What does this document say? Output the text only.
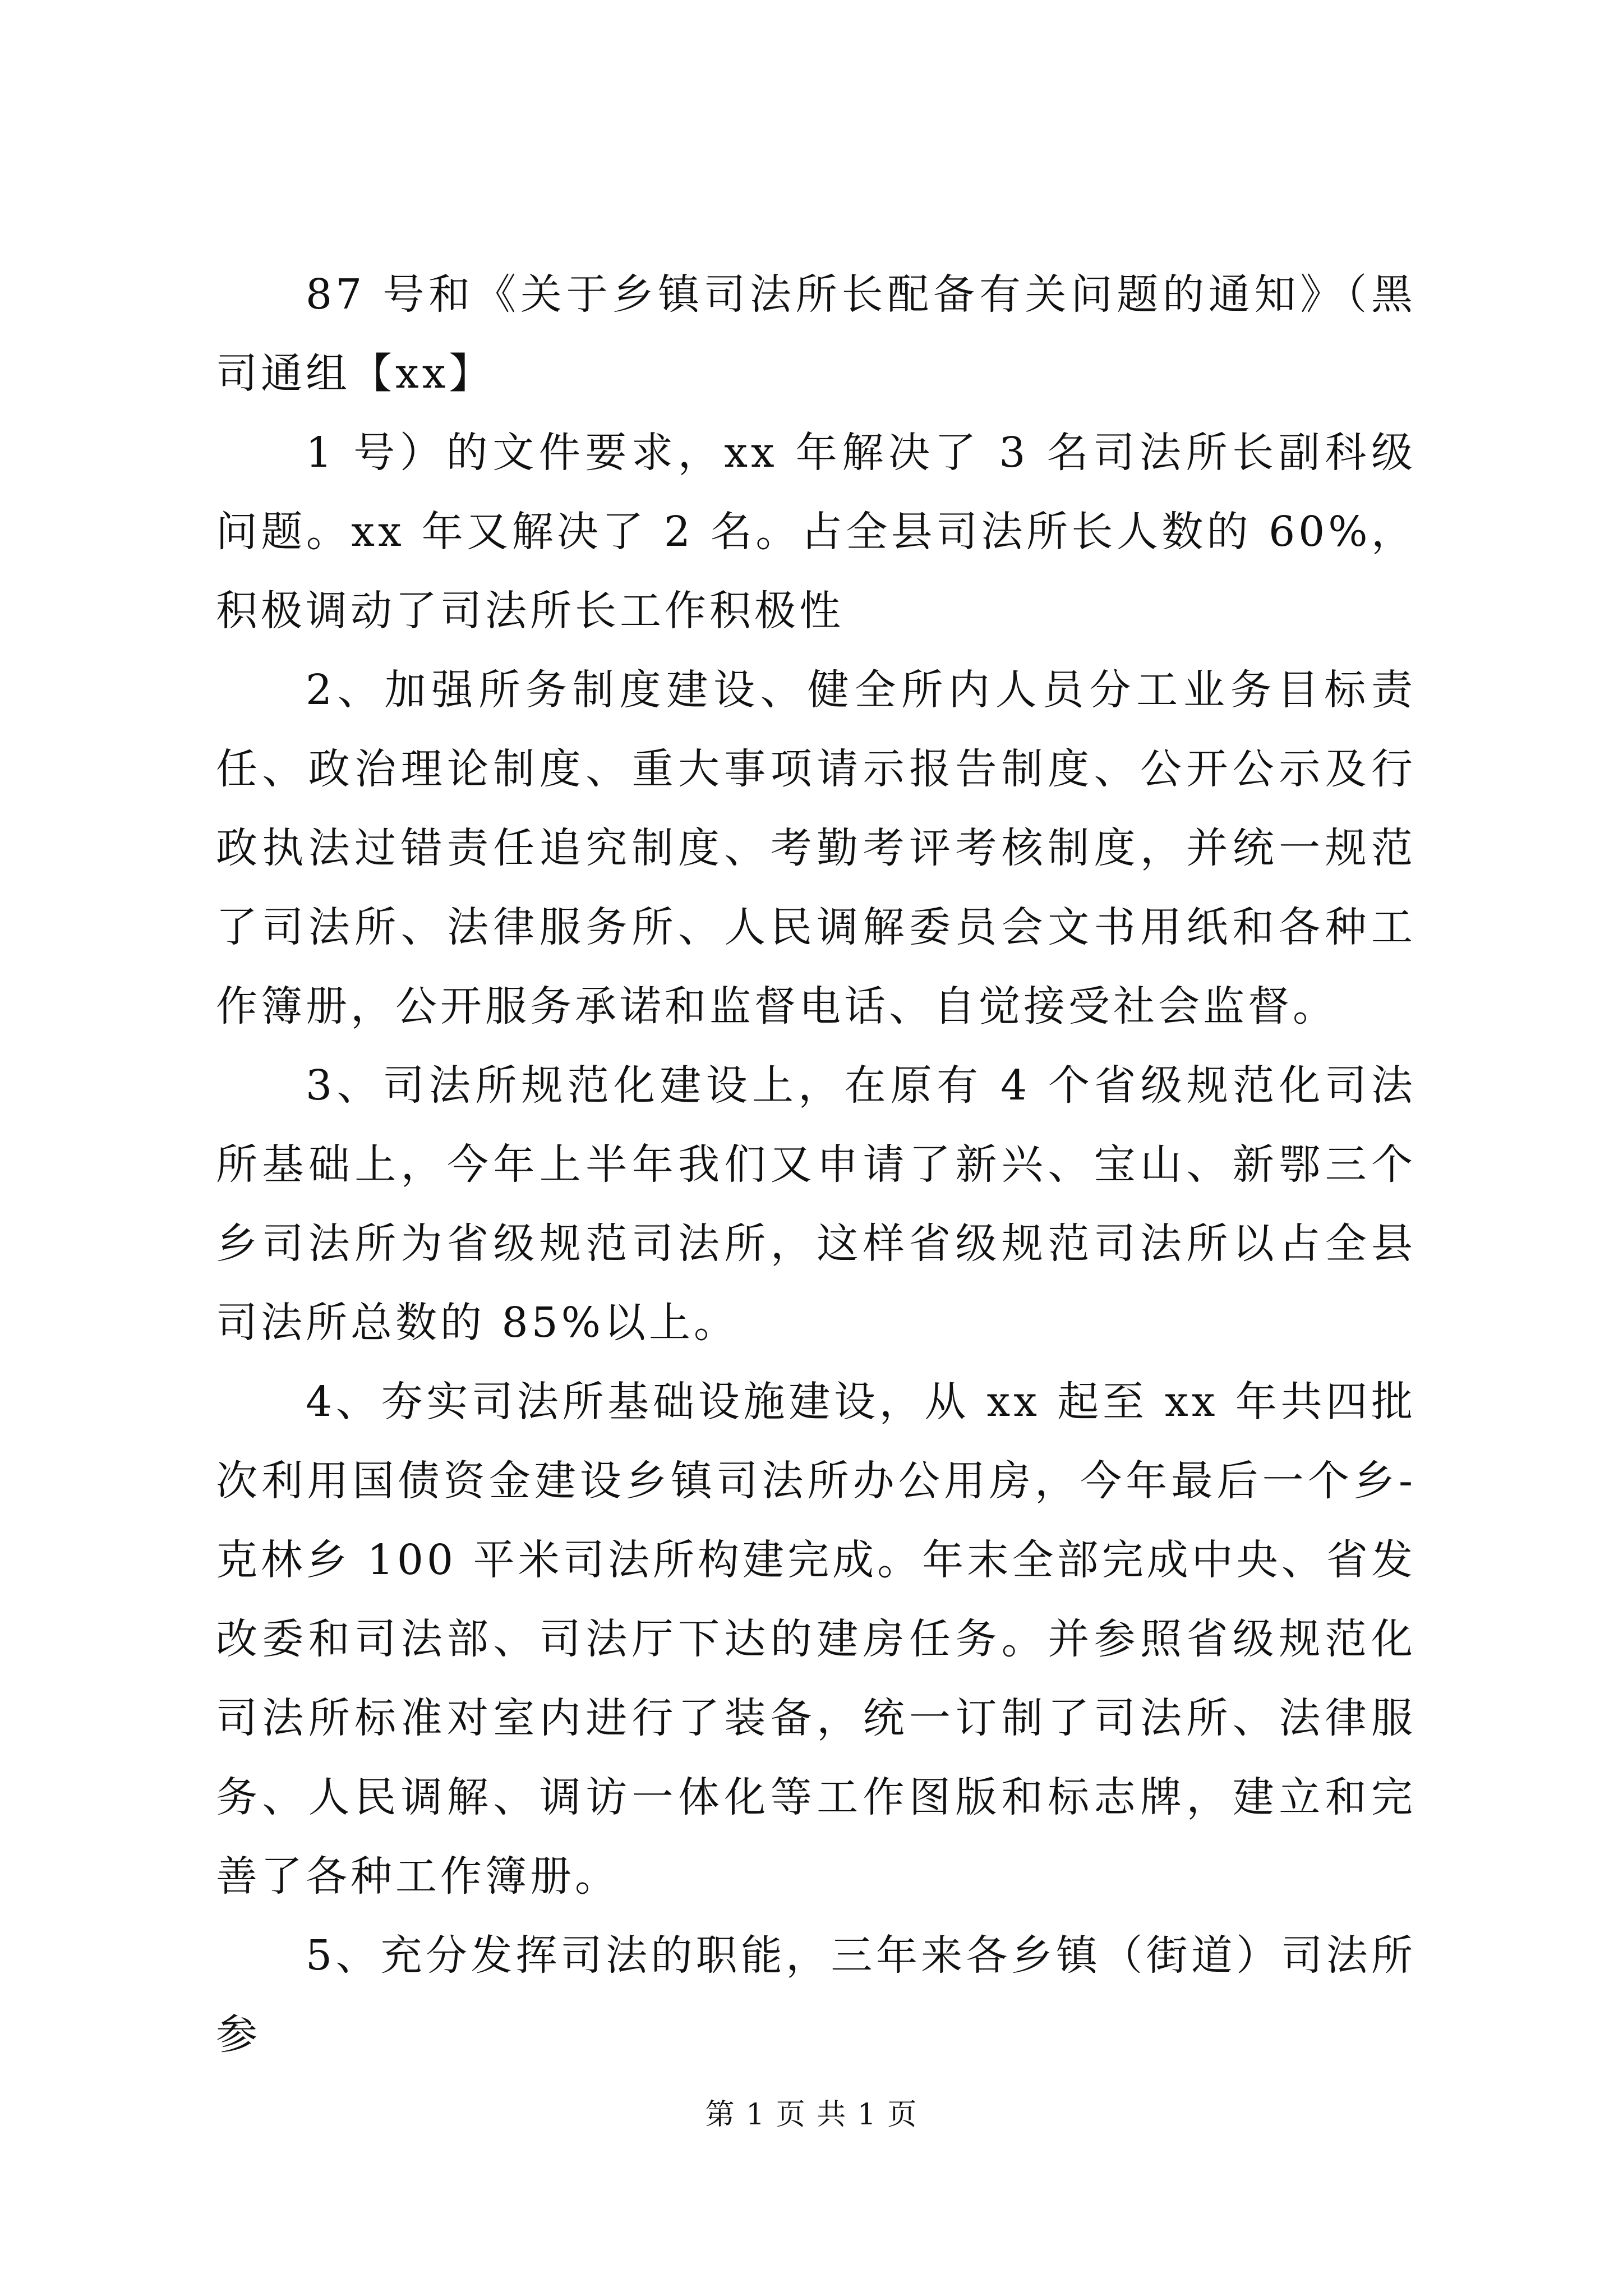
87 号和《关于乡镇司法所长配备有关问题的通知》（黑司通组【xx】

1 号）的文件要求，xx 年解决了 3 名司法所长副科级问题。xx 年又解决了 2 名。占全县司法所长人数的 60%，积极调动了司法所长工作积极性

2、加强所务制度建设、健全所内人员分工业务目标责任、政治理论制度、重大事项请示报告制度、公开公示及行政执法过错责任追究制度、考勤考评考核制度，并统一规范了司法所、法律服务所、人民调解委员会文书用纸和各种工作簿册，公开服务承诺和监督电话、自觉接受社会监督。

3、司法所规范化建设上，在原有 4 个省级规范化司法所基础上，今年上半年我们又申请了新兴、宝山、新鄂三个乡司法所为省级规范司法所，这样省级规范司法所以占全县司法所总数的 85%以上。

4、夯实司法所基础设施建设，从 xx 起至 xx 年共四批次利用国债资金建设乡镇司法所办公用房，今年最后一个乡-克林乡 100 平米司法所构建完成。年末全部完成中央、省发改委和司法部、司法厅下达的建房任务。并参照省级规范化司法所标准对室内进行了装备，统一订制了司法所、法律服务、人民调解、调访一体化等工作图版和标志牌，建立和完善了各种工作簿册。

5、充分发挥司法的职能，三年来各乡镇（街道）司法所参

第 1 页 共 1 页
